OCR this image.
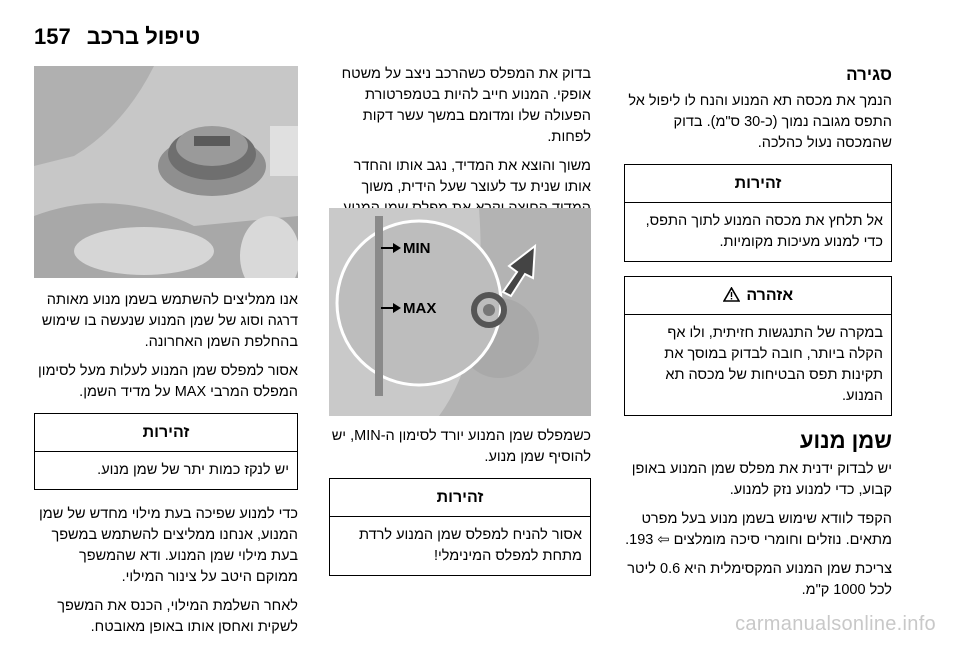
157 טיפול ברכב
סגירה

הנמך את מכסה תא המנוע והנח לו ליפול אל התפס מגובה נמוך (כ-30 ס"מ). בדוק שהמכסה נעול כהלכה.

זהירות
אל תלחץ את מכסה המנוע לתוך התפס, כדי למנוע מעיכות מקומיות.
אזהרה
במקרה של התנגשות חזיתית, ולו אף הקלה ביותר, חובה לבדוק במוסך את תקינות תפס הבטיחות של מכסה תא המנוע.
שמן מנוע

יש לבדוק ידנית את מפלס שמן המנוע באופן קבוע, כדי למנוע נזק למנוע.

הקפד לוודא שימוש בשמן מנוע בעל מפרט מתאים. נוזלים וחומרי סיכה מומלצים ⇦ 193.

צריכת שמן המנוע המקסימלית היא 0.6 ליטר לכל 1000 ק"מ.

בדוק את המפלס כשהרכב ניצב על משטח אופקי. המנוע חייב להיות בטמפרטורת הפעולה שלו ומדומם במשך עשר דקות לפחות.

משוך והוצא את המדיד, נגב אותו והחדר אותו שנית עד לעוצר שעל הידית, משוך

MIN
MAX

כשמפלס שמן המנוע יורד לסימון ה-MIN, יש להוסיף שמן מנוע.

זהירות
אסור להניח למפלס שמן המנוע לרדת מתחת למפלס המינימלי!

אנו ממליצים להשתמש בשמן מנוע מאותה דרגה וסוג של שמן המנוע שנעשה בו שימוש בהחלפת השמן האחרונה.

אסור למפלס שמן המנוע לעלות מעל לסימון המפלס המרבי MAX על מדיד השמן.

זהירות
יש לנקז כמות יתר של שמן מנוע.

כדי למנוע שפיכה בעת מילוי מחדש של שמן המנוע, אנחנו ממליצים להשתמש במשפך בעת מילוי שמן המנוע. ודא שהמשפך ממוקם היטב על צינור המילוי.

לאחר השלמת המילוי, הכנס את המשפך לשקית ואחסן אותו באופן מאובטח.	carmanualsonline.info
